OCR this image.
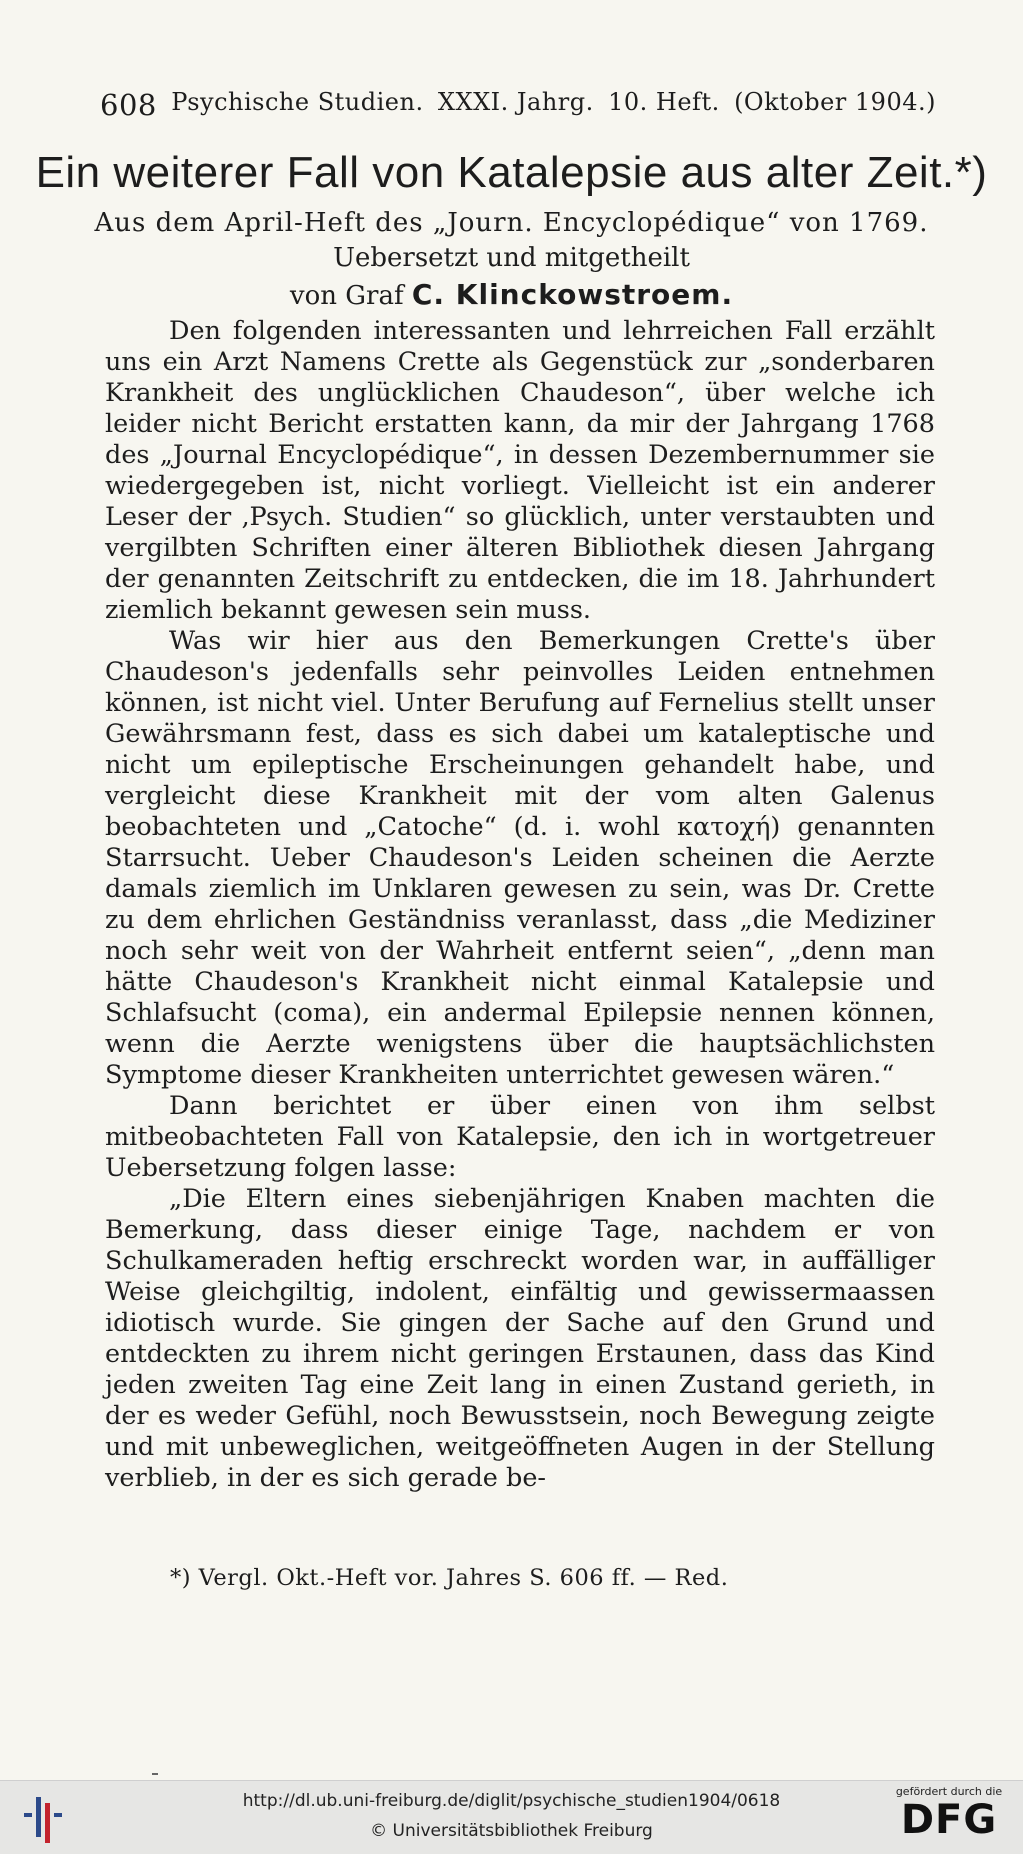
608 Psychische Studien. XXXI. Jahrg. 10. Heft. (Oktober 1904.)
Ein weiterer Fall von Katalepsie aus alter Zeit.*)
Aus dem April-Heft des „Journ. Encyclopédique“ von 1769.
Uebersetzt und mitgetheilt
von Graf C. Klinckowstroem.

Den folgenden interessanten und lehrreichen Fall erzählt uns ein Arzt Namens Crette als Gegenstück zur „sonderbaren Krankheit des unglücklichen Chaudeson“, über welche ich leider nicht Bericht erstatten kann, da mir der Jahrgang 1768 des „Journal Encyclopédique“, in dessen Dezembernummer sie wiedergegeben ist, nicht vorliegt. Vielleicht ist ein anderer Leser der ‚Psych. Studien“ so glücklich, unter verstaubten und vergilbten Schriften einer älteren Bibliothek diesen Jahrgang der genannten Zeitschrift zu entdecken, die im 18. Jahrhundert ziemlich bekannt gewesen sein muss.

Was wir hier aus den Bemerkungen Crette's über Chaudeson's jedenfalls sehr peinvolles Leiden entnehmen können, ist nicht viel. Unter Berufung auf Fernelius stellt unser Gewährsmann fest, dass es sich dabei um kataleptische und nicht um epileptische Erscheinungen gehandelt habe, und vergleicht diese Krankheit mit der vom alten Galenus beobachteten und „Catoche“ (d. i. wohl κατοχή) genannten Starrsucht. Ueber Chaudeson's Leiden scheinen die Aerzte damals ziemlich im Unklaren gewesen zu sein, was Dr. Crette zu dem ehrlichen Geständniss veranlasst, dass „die Mediziner noch sehr weit von der Wahrheit entfernt seien“, „denn man hätte Chaudeson's Krankheit nicht einmal Katalepsie und Schlafsucht (coma), ein andermal Epilepsie nennen können, wenn die Aerzte wenigstens über die hauptsächlichsten Symptome dieser Krankheiten unterrichtet gewesen wären.“

Dann berichtet er über einen von ihm selbst mitbeobachteten Fall von Katalepsie, den ich in wortgetreuer Uebersetzung folgen lasse:

„Die Eltern eines siebenjährigen Knaben machten die Bemerkung, dass dieser einige Tage, nachdem er von Schulkameraden heftig erschreckt worden war, in auffälliger Weise gleichgiltig, indolent, einfältig und gewissermaassen idiotisch wurde. Sie gingen der Sache auf den Grund und entdeckten zu ihrem nicht geringen Erstaunen, dass das Kind jeden zweiten Tag eine Zeit lang in einen Zustand gerieth, in der es weder Gefühl, noch Bewusstsein, noch Bewegung zeigte und mit unbeweglichen, weitgeöffneten Augen in der Stellung verblieb, in der es sich gerade be-

*) Vergl. Okt.-Heft vor. Jahres S. 606 ff. — Red.
http://dl.ub.uni-freiburg.de/diglit/psychische_studien1904/0618
© Universitätsbibliothek Freiburg
gefördert durch die
DFG
